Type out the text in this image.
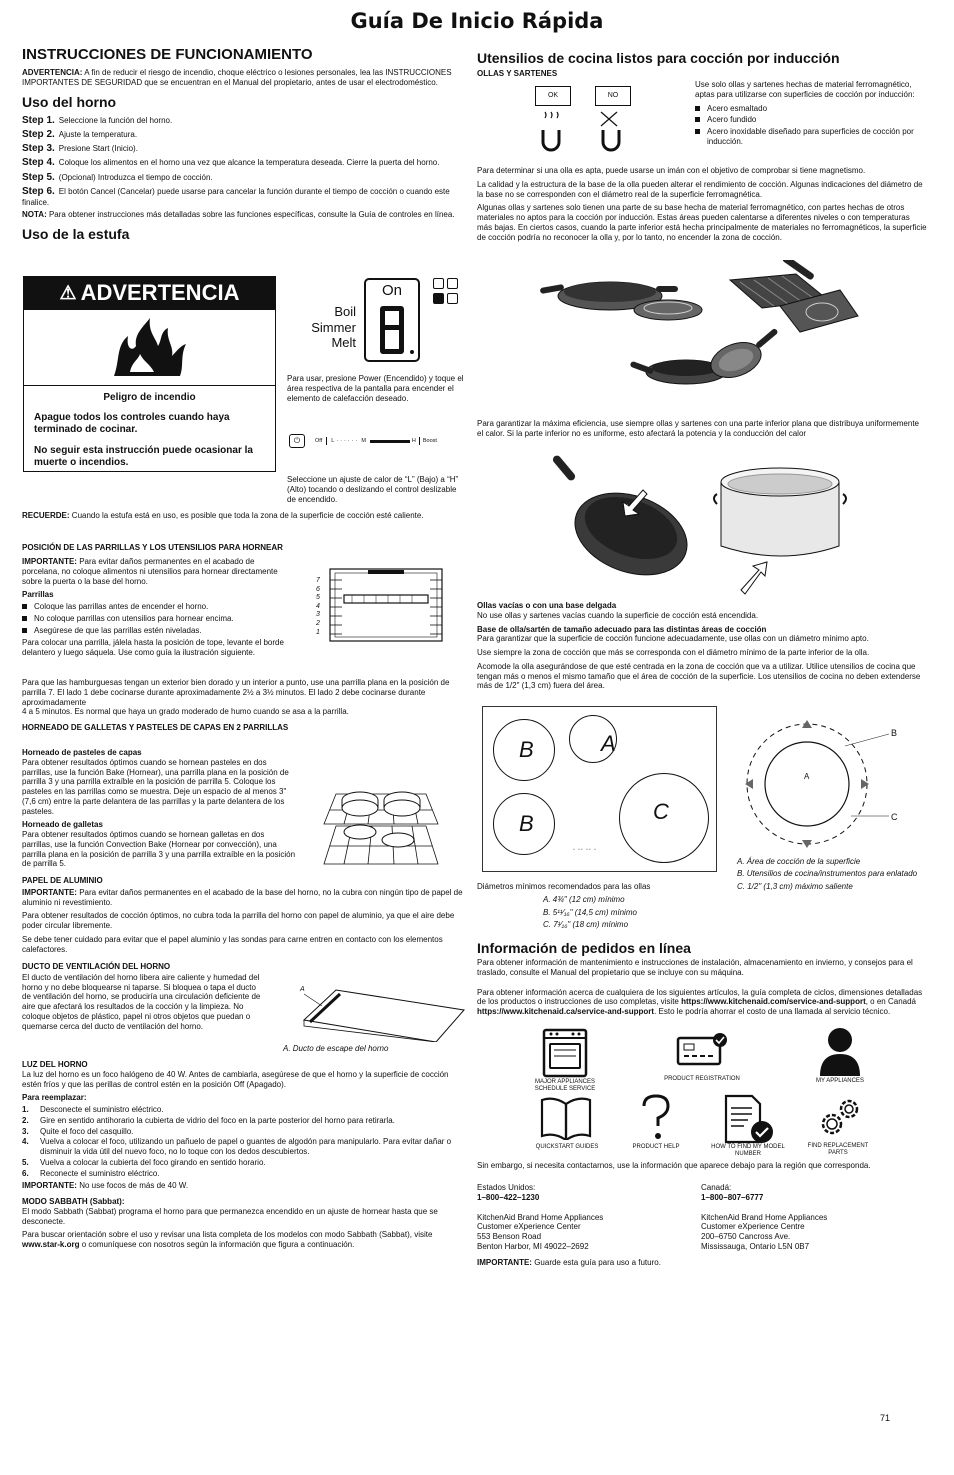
Guía De Inicio Rápida
INSTRUCCIONES DE FUNCIONAMIENTO

ADVERTENCIA: A fin de reducir el riesgo de incendio, choque eléctrico o lesiones personales, lea las INSTRUCCIONES IMPORTANTES DE SEGURIDAD que se encuentran en el Manual del propietario, antes de usar el electrodoméstico.

Uso del horno
Step 1. Seleccione la función del horno.
Step 2. Ajuste la temperatura.
Step 3. Presione Start (Inicio).
Step 4. Coloque los alimentos en el horno una vez que alcance la temperatura deseada. Cierre la puerta del horno.
Step 5. (Opcional) Introduzca el tiempo de cocción.
Step 6. El botón Cancel (Cancelar) puede usarse para cancelar la función durante el tiempo de cocción o cuando este finalice.

NOTA: Para obtener instrucciones más detalladas sobre las funciones específicas, consulte la Guía de controles en línea.

Uso de la estufa
⚠ ADVERTENCIA
Peligro de incendio
Apague todos los controles cuando haya terminado de cocinar.
No seguir esta instrucción puede ocasionar la muerte o incendios.
Boil
Simmer
Melt
On
Para usar, presione Power (Encendido) y toque el área respectiva de la pantalla para encender el elemento de calefacción deseado.
⏻	Off L ······ M	H Boost
Seleccione un ajuste de calor de “L” (Bajo) a “H” (Alto) tocando o deslizando el control deslizable de encendido.
RECUERDE: Cuando la estufa está en uso, es posible que toda la zona de la superficie de cocción esté caliente.
POSICIÓN DE LAS PARRILLAS Y LOS UTENSILIOS PARA HORNEAR

IMPORTANTE: Para evitar daños permanentes en el acabado de porcelana, no coloque alimentos ni utensilios para hornear directamente sobre la puerta o la base del horno.

Parrillas
Coloque las parrillas antes de encender el horno.
No coloque parrillas con utensilios para hornear encima.
Asegúrese de que las parrillas estén niveladas.

Para colocar una parrilla, jálela hasta la posición de tope, levante el borde delantero y luego sáquela. Use como guía la ilustración siguiente.

7
6
5
4
3
2
1

Para que las hamburguesas tengan un exterior bien dorado y un interior a punto, use una parrilla plana en la posición de parrilla 7. El lado 1 debe cocinarse durante aproximadamente 2½ a 3½ minutos. El lado 2 debe cocinarse durante aproximadamente

4 a 5 minutos. Es normal que haya un grado moderado de humo cuando se asa a la parrilla.

HORNEADO DE GALLETAS Y PASTELES DE CAPAS EN 2 PARRILLAS
Horneado de pasteles de capas

Para obtener resultados óptimos cuando se hornean pasteles en dos parrillas, use la función Bake (Hornear), una parrilla plana en la posición de parrilla 3 y una parrilla extraíble en la posición de parrilla 5. Coloque los pasteles en las parrillas como se muestra. Deje un espacio de al menos 3" (7,6 cm) entre la parte delantera de las parrillas y la parte delantera de los pasteles.

Horneado de galletas

Para obtener resultados óptimos cuando se hornean galletas en dos parrillas, use la función Convection Bake (Hornear por convección), una parrilla plana en la posición de parrilla 3 y una parrilla extraíble en la posición de parrilla 5.

PAPEL DE ALUMINIO

IMPORTANTE: Para evitar daños permanentes en el acabado de la base del horno, no la cubra con ningún tipo de papel de aluminio ni revestimiento.

Para obtener resultados de cocción óptimos, no cubra toda la parrilla del horno con papel de aluminio, ya que el aire debe poder circular libremente.

Se debe tener cuidado para evitar que el papel aluminio y las sondas para carne entren en contacto con los elementos calefactores.

DUCTO DE VENTILACIÓN DEL HORNO

El ducto de ventilación del horno libera aire caliente y humedad del horno y no debe bloquearse ni taparse. Si bloquea o tapa el ducto de ventilación del horno, se produciría una circulación deficiente de aire que afectará los resultados de la cocción y la limpieza. No coloque objetos de plástico, papel ni otros objetos que puedan o quemarse cerca del ducto de ventilación del horno.

A
A. Ducto de escape del horno
LUZ DEL HORNO

La luz del horno es un foco halógeno de 40 W. Antes de cambiarla, asegúrese de que el horno y la superficie de cocción estén fríos y que las perillas de control estén en la posición Off (Apagado).

Para reemplazar:
1. Desconecte el suministro eléctrico.
2. Gire en sentido antihorario la cubierta de vidrio del foco en la parte posterior del horno para retirarla.
3. Quite el foco del casquillo.
4. Vuelva a colocar el foco, utilizando un pañuelo de papel o guantes de algodón para manipularlo. Para evitar dañar o disminuir la vida útil del nuevo foco, no lo toque con los dedos descubiertos.
5. Vuelva a colocar la cubierta del foco girando en sentido horario.
6. Reconecte el suministro eléctrico.

IMPORTANTE: No use focos de más de 40 W.

MODO SABBATH (Sabbat):

El modo Sabbath (Sabbat) programa el horno para que permanezca encendido en un ajuste de hornear hasta que se desconecte.

Para buscar orientación sobre el uso y revisar una lista completa de los modelos con modo Sabbath (Sabbat), visite www.star-k.org o comuníquese con nosotros según la información que figura a continuación.

Utensilios de cocina listos para cocción por inducción
OLLAS Y SARTENES
OK	NO

Use solo ollas y sartenes hechas de material ferromagnético, aptas para utilizarse con superficies de cocción por inducción:

Acero esmaltado
Acero fundido
Acero inoxidable diseñado para superficies de cocción por inducción.

Para determinar si una olla es apta, puede usarse un imán con el objetivo de comprobar si tiene magnetismo.

La calidad y la estructura de la base de la olla pueden alterar el rendimiento de cocción. Algunas indicaciones del diámetro de la base no se corresponden con el diámetro real de la superficie ferromagnética.

Algunas ollas y sartenes solo tienen una parte de su base hecha de material ferromagnético, con partes hechas de otros materiales no aptos para la cocción por inducción. Estas áreas pueden calentarse a diferentes niveles o con temperaturas más bajas. En ciertos casos, cuando la parte inferior está hecha principalmente de materiales no ferromagnéticos, la superficie de cocción podría no reconocer la olla y, por lo tanto, no encender la zona de cocción.

Para garantizar la máxima eficiencia, use siempre ollas y sartenes con una parte inferior plana que distribuya uniformemente el calor. Si la parte inferior no es uniforme, esto afectará la potencia y la conducción del calor
Ollas vacías o con una base delgada

No use ollas y sartenes vacías cuando la superficie de cocción está encendida.

Base de olla/sartén de tamaño adecuado para las distintas áreas de cocción

Para garantizar que la superficie de cocción funcione adecuadamente, use ollas con un diámetro mínimo apto.

Use siempre la zona de cocción que más se corresponda con el diámetro mínimo de la parte inferior de la olla.

Acomode la olla asegurándose de que esté centrada en la zona de cocción que va a utilizar. Utilice utensilios de cocina que tengan más o menos el mismo tamaño que el área de cocción de la superficie. Los utensilios de cocina no deben extenderse más de 1/2" (1,3 cm) fuera del área.

B
B
A
C
▫ ▫▫ ▫▫ ▫

Diámetros mínimos recomendados para las ollas

A. 4¾" (12 cm) mínimo
B. 5¹¹⁄₁₆" (14,5 cm) mínimo
C. 7¹⁄₁₆" (18 cm) mínimo
A
B
C
A. Área de cocción de la superficie
B. Utensilios de cocina/instrumentos para enlatado
C. 1/2" (1,3 cm) máximo saliente
Información de pedidos en línea

Para obtener información de mantenimiento e instrucciones de instalación, almacenamiento en invierno, y consejos para el traslado, consulte el Manual del propietario que se incluye con su máquina.

Para obtener información acerca de cualquiera de los siguientes artículos, la guía completa de ciclos, dimensiones detalladas de los productos o instrucciones de uso completas, visite https://www.kitchenaid.com/service-and-support, o en Canadá https://www.kitchenaid.ca/service-and-support. Esto le podría ahorrar el costo de una llamada al servicio técnico.

MAJOR APPLIANCES SCHEDULE SERVICE
PRODUCT REGISTRATION	MY APPLIANCES
QUICKSTART GUIDES	PRODUCT HELP	HOW TO FIND MY MODEL NUMBER
FIND REPLACEMENT PARTS
Sin embargo, si necesita contactarnos, use la información que aparece debajo para la región que corresponda.
Estados Unidos:
1–800–422–1230
KitchenAid Brand Home Appliances
Customer eXperience Center
553 Benson Road
Benton Harbor, MI 49022–2692
Canadá:
1–800–807–6777
KitchenAid Brand Home Appliances
Customer eXperience Centre
200–6750 Cancross Ave.
Mississauga, Ontario L5N 0B7
IMPORTANTE: Guarde esta guía para uso a futuro.
71
